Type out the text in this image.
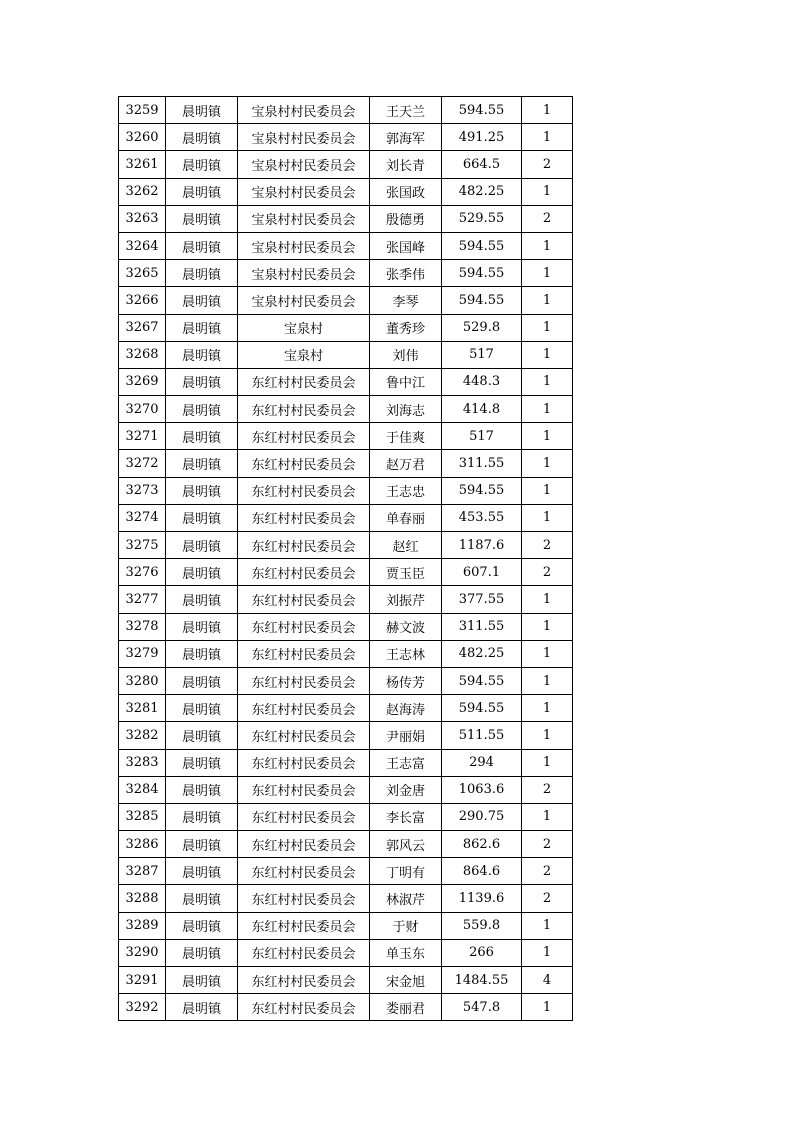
3259	晨明镇	宝泉村村民委员会	王天兰	594.55	1
3260	晨明镇	宝泉村村民委员会	郭海军	491.25	1
3261	晨明镇	宝泉村村民委员会	刘长青	664.5	2
3262	晨明镇	宝泉村村民委员会	张国政	482.25	1
3263	晨明镇	宝泉村村民委员会	殷德勇	529.55	2
3264	晨明镇	宝泉村村民委员会	张国峰	594.55	1
3265	晨明镇	宝泉村村民委员会	张季伟	594.55	1
3266	晨明镇	宝泉村村民委员会	李琴	594.55	1
3267	晨明镇	宝泉村	董秀珍	529.8	1
3268	晨明镇	宝泉村	刘伟	517	1
3269	晨明镇	东红村村民委员会	鲁中江	448.3	1
3270	晨明镇	东红村村民委员会	刘海志	414.8	1
3271	晨明镇	东红村村民委员会	于佳爽	517	1
3272	晨明镇	东红村村民委员会	赵万君	311.55	1
3273	晨明镇	东红村村民委员会	王志忠	594.55	1
3274	晨明镇	东红村村民委员会	单春丽	453.55	1
3275	晨明镇	东红村村民委员会	赵红	1187.6	2
3276	晨明镇	东红村村民委员会	贾玉臣	607.1	2
3277	晨明镇	东红村村民委员会	刘振芹	377.55	1
3278	晨明镇	东红村村民委员会	赫文波	311.55	1
3279	晨明镇	东红村村民委员会	王志林	482.25	1
3280	晨明镇	东红村村民委员会	杨传芳	594.55	1
3281	晨明镇	东红村村民委员会	赵海涛	594.55	1
3282	晨明镇	东红村村民委员会	尹丽娟	511.55	1
3283	晨明镇	东红村村民委员会	王志富	294	1
3284	晨明镇	东红村村民委员会	刘金唐	1063.6	2
3285	晨明镇	东红村村民委员会	李长富	290.75	1
3286	晨明镇	东红村村民委员会	郭风云	862.6	2
3287	晨明镇	东红村村民委员会	丁明有	864.6	2
3288	晨明镇	东红村村民委员会	林淑芹	1139.6	2
3289	晨明镇	东红村村民委员会	于财	559.8	1
3290	晨明镇	东红村村民委员会	单玉东	266	1
3291	晨明镇	东红村村民委员会	宋金旭	1484.55	4
3292	晨明镇	东红村村民委员会	娄丽君	547.8	1
